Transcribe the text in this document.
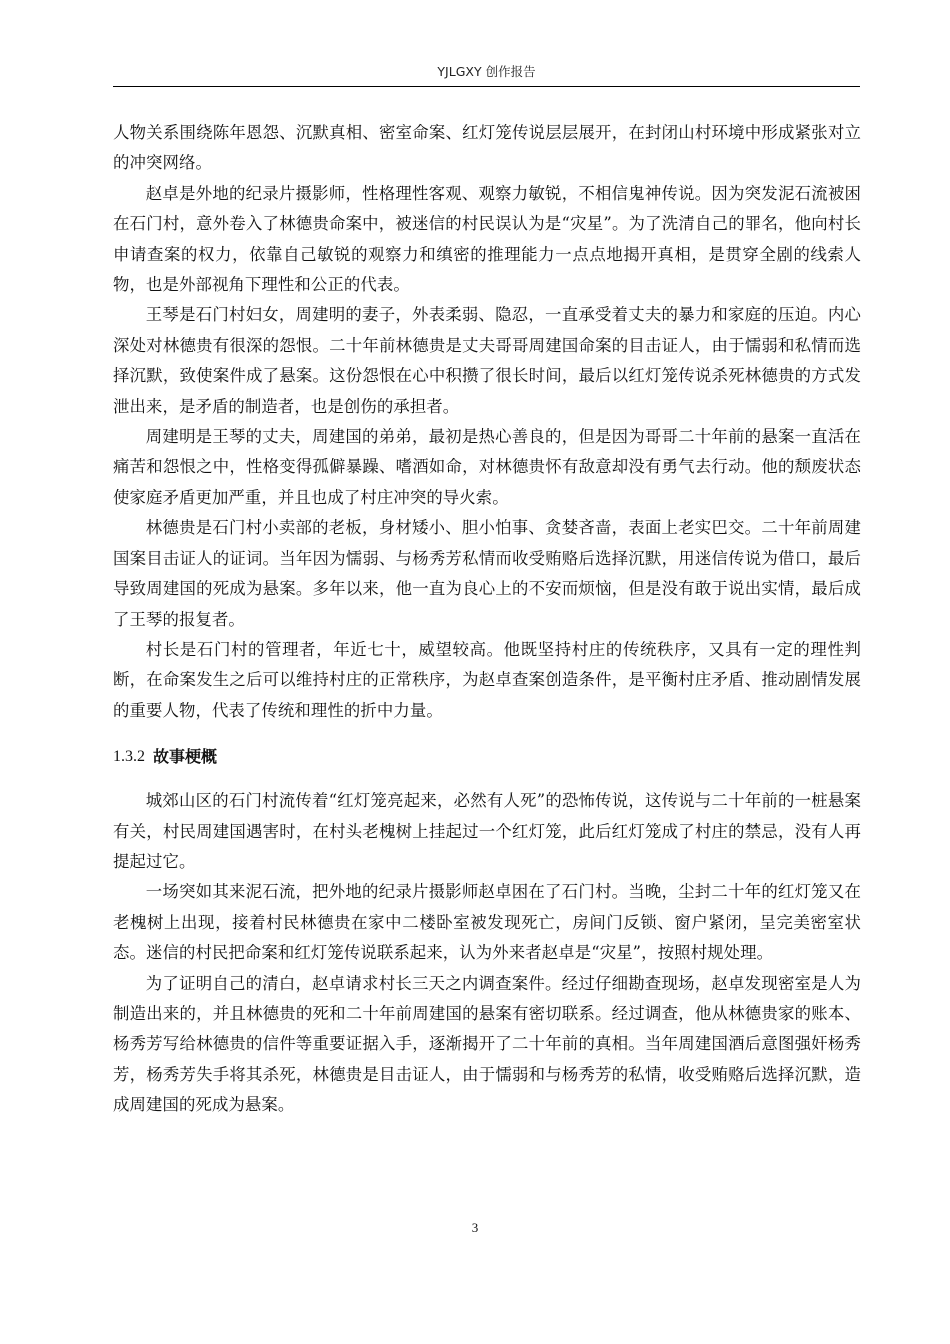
YJLGXY 创作报告

人物关系围绕陈年恩怨、沉默真相、密室命案、红灯笼传说层层展开，在封闭山村环境中形成紧张对立的冲突网络。

赵卓是外地的纪录片摄影师，性格理性客观、观察力敏锐，不相信鬼神传说。因为突发泥石流被困在石门村，意外卷入了林德贵命案中，被迷信的村民误认为是“灾星”。为了洗清自己的罪名，他向村长申请查案的权力，依靠自己敏锐的观察力和缜密的推理能力一点点地揭开真相，是贯穿全剧的线索人物，也是外部视角下理性和公正的代表。

王琴是石门村妇女，周建明的妻子，外表柔弱、隐忍，一直承受着丈夫的暴力和家庭的压迫。内心深处对林德贵有很深的怨恨。二十年前林德贵是丈夫哥哥周建国命案的目击证人，由于懦弱和私情而选择沉默，致使案件成了悬案。这份怨恨在心中积攒了很长时间，最后以红灯笼传说杀死林德贵的方式发泄出来，是矛盾的制造者，也是创伤的承担者。

周建明是王琴的丈夫，周建国的弟弟，最初是热心善良的，但是因为哥哥二十年前的悬案一直活在痛苦和怨恨之中，性格变得孤僻暴躁、嗜酒如命，对林德贵怀有敌意却没有勇气去行动。他的颓废状态使家庭矛盾更加严重，并且也成了村庄冲突的导火索。

林德贵是石门村小卖部的老板，身材矮小、胆小怕事、贪婪吝啬，表面上老实巴交。二十年前周建国案目击证人的证词。当年因为懦弱、与杨秀芳私情而收受贿赂后选择沉默，用迷信传说为借口，最后导致周建国的死成为悬案。多年以来，他一直为良心上的不安而烦恼，但是没有敢于说出实情，最后成了王琴的报复者。

村长是石门村的管理者，年近七十，威望较高。他既坚持村庄的传统秩序，又具有一定的理性判断，在命案发生之后可以维持村庄的正常秩序，为赵卓查案创造条件，是平衡村庄矛盾、推动剧情发展的重要人物，代表了传统和理性的折中力量。

1.3.2 故事梗概

城郊山区的石门村流传着“红灯笼亮起来，必然有人死”的恐怖传说，这传说与二十年前的一桩悬案有关，村民周建国遇害时，在村头老槐树上挂起过一个红灯笼，此后红灯笼成了村庄的禁忌，没有人再提起过它。

一场突如其来泥石流，把外地的纪录片摄影师赵卓困在了石门村。当晚，尘封二十年的红灯笼又在老槐树上出现，接着村民林德贵在家中二楼卧室被发现死亡，房间门反锁、窗户紧闭，呈完美密室状态。迷信的村民把命案和红灯笼传说联系起来，认为外来者赵卓是“灾星”，按照村规处理。

为了证明自己的清白，赵卓请求村长三天之内调查案件。经过仔细勘查现场，赵卓发现密室是人为制造出来的，并且林德贵的死和二十年前周建国的悬案有密切联系。经过调查，他从林德贵家的账本、杨秀芳写给林德贵的信件等重要证据入手，逐渐揭开了二十年前的真相。当年周建国酒后意图强奸杨秀芳，杨秀芳失手将其杀死，林德贵是目击证人，由于懦弱和与杨秀芳的私情，收受贿赂后选择沉默，造成周建国的死成为悬案。

3
